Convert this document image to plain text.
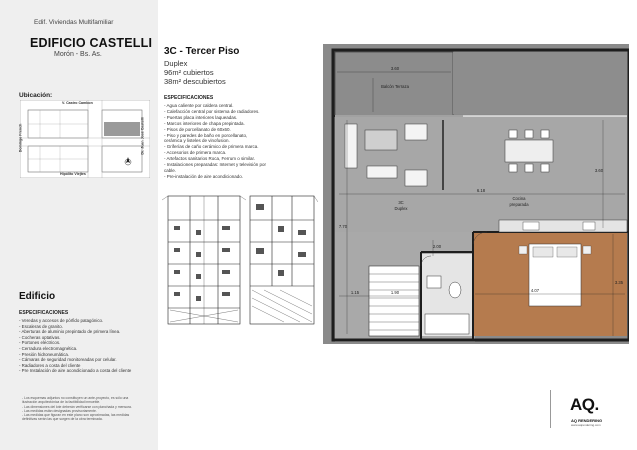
Edif. Viviendas Multifamiliar
EDIFICIO CASTELLI
Morón - Bs. As.
Ubicación:
V. Castro Cambon
Hipólito Viejtes
Domingo French	Dr. Juan José Castelli
Edificio
ESPECIFICACIONES
- Veredas y accesos de pórfido patagónico.
- Escaleras de granito.
- Aberturas de aluminio prepintado de primera línea.
- Cocheras optativas.
- Portones eléctricos.
- Cerradura electromagnética.
- Presión hidroneumática.
- Cámaras de seguridad monitoreadas por celular.
- Radiadores a costa del cliente
- Pre Instalación de aire acondicionado a costa del cliente
3C - Tercer Piso
Duplex
96m² cubiertos
38m² descubiertos
ESPECIFICACIONES
- Agua caliente por caldera central.
- Calefacción central por sistema de radiadores.
- Puertas placa interiores laqueadas.
- Marcos interiores de chapa prepintada.
- Pisos de porcellanato de 60x60.
- Piso y paredes de baño en porcellanato,
cerámica y listeles de vinofusion.
- Griferías de caño cerámico de primera marca.
- Accesorios de primera marca.
- Artefactos sanitarios Roca, Ferrum o similar.
- Instalaciones preparadas: Internet y televisión por
cable.
- Pre-instalación de aire acondicionado.
3.60
Balcón Terraza
6.18
3.60
3C
Duplex
Cocina
preparada
7.70
1.15	1.90
2.00
4.07
3.35
- Los esquemas adjuntos no constituyen un ante-proyecto, es sólo una
ilustración arquitectónica de la factibilidad inmueble.
- Las dimensiones del lote deberán verificarse con planchada y mensura.
- Las medidas están designadas provisoriamente.
- Las medidas que figuran en este plano son aproximadas, las medidas
definitivas serán las que surgen de la obra terminada.
AQ.
AQ RENDERING
www.aqrendering.com
